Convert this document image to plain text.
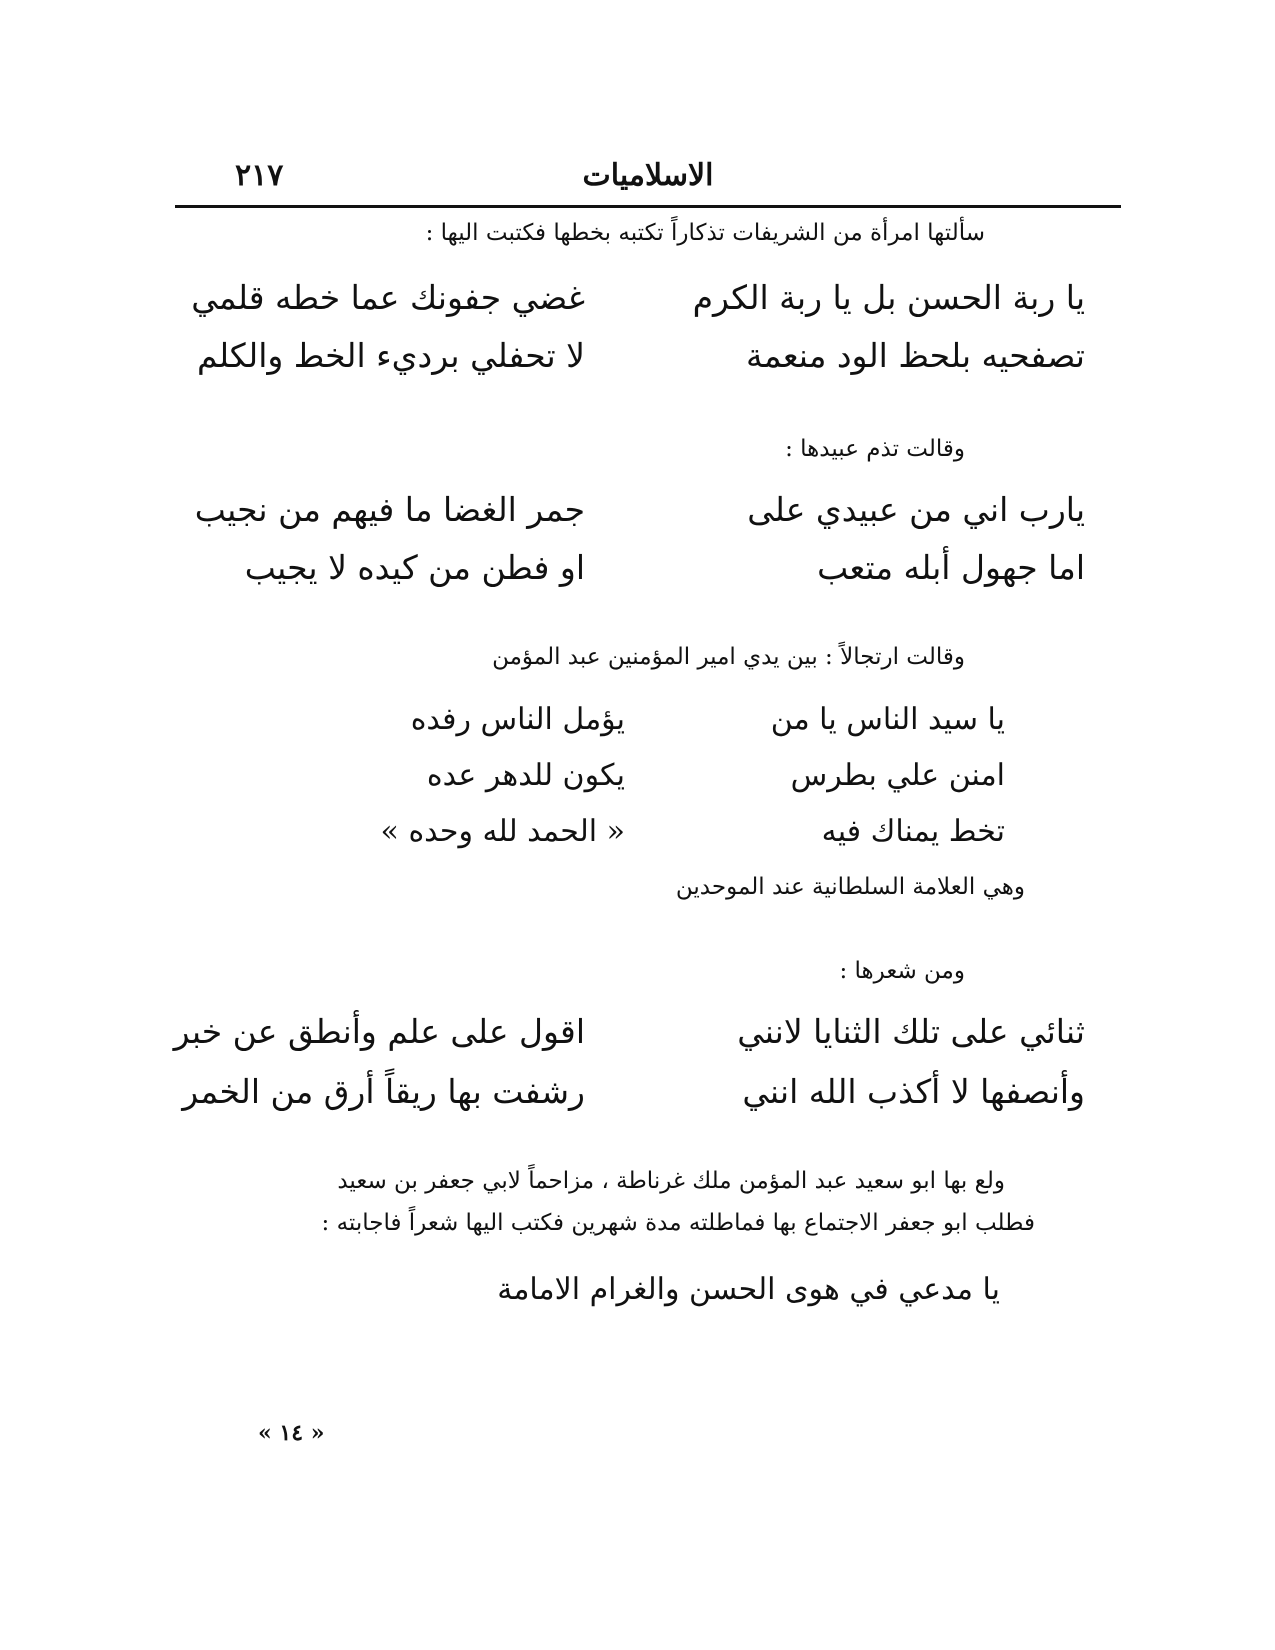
الاسلاميات
٢١٧
سألتها امرأة من الشريفات تذكاراً تكتبه بخطها فكتبت اليها :
يا ربة الحسن بل يا ربة الكرم
غضي جفونك عما خطه قلمي
تصفحيه بلحظ الود منعمة
لا تحفلي برديء الخط والكلم
وقالت تذم عبيدها :
يارب اني من عبيدي على
جمر الغضا ما فيهم من نجيب
اما جهول أبله متعب
او فطن من كيده لا يجيب
وقالت ارتجالاً : بين يدي امير المؤمنين عبد المؤمن
يا سيد الناس يا من
يؤمل الناس رفده
امنن علي بطرس
يكون للدهر عده
تخط يمناك فيه
« الحمد لله وحده »
وهي العلامة السلطانية عند الموحدين
ومن شعرها :
ثنائي على تلك الثنايا لانني
اقول على علم وأنطق عن خبر
وأنصفها لا أكذب الله انني
رشفت بها ريقاً أرق من الخمر
ولع بها ابو سعيد عبد المؤمن ملك غرناطة ، مزاحماً لابي جعفر بن سعيد
فطلب ابو جعفر الاجتماع بها فماطلته مدة شهرين فكتب اليها شعراً فاجابته :
يا مدعي في هوى الحسن والغرام الامامة
« ١٤ »
